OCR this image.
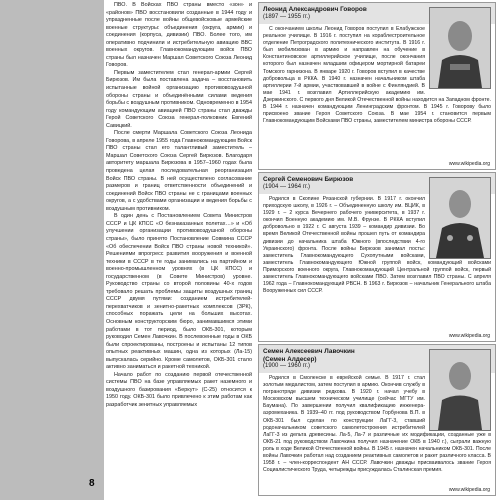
8

ПВО. В Войсках ПВО страны вместо «зон» и «районов» ПВО восстановили созданные в 1944 году и упраздненные после войны общевойсковые армейские военные структуры: объединения (округа, армии) и соединения (корпуса, дивизии) ПВО. Более того, им оперативно подчинили и истребительную авиацию ВВС военных округов. Главнокомандующим войск ПВО страны был назначен Маршал Советского Союза Леонид Говоров.

Первым заместителем стал генерал-армии Сергей Бирюзов. Им была поставлена задача – восстановить испытанные войной организацию противовоздушной обороны страны и объединёнными силами ведения борьбы с воздушным противником. Одновременно в 1954 году командующим авиацией ПВО страны стал дважды Герой Советского Союза генерал-полковник Евгений Савицкий.

После смерти Маршала Советского Союза Леонида Говорова, в апреле 1955 года Главнокомандующим Войск ПВО страны стал его талантливый заместитель – Маршал Советского Союза Сергей Бирюзов. Благодаря авторитету маршала Бирюзова в 1957–1960 годах была проведена целая последовательная реорганизация Войск ПВО страны. В ней осуществлено согласование размеров и границ ответственности объединений и соединений Войск ПВО страны не с границами военных округов, а с удобствами организации и ведения борьбы с воздушным противником.

В один день с Постановлением Совета Министров СССР и ЦК КПСС «О безнаказанных полетах…» и «Об улучшении организации противовоздушной обороны страны», было принято Постановление Совмина СССР «Об обеспечении Войск ПВО страны новой техникой». Решениями впрогресс развития вооружения и военной техники в СССР в те годы занимались на партийном и военно-промышленном уровнях (в ЦК КПСС) и государственном (в Совете Министров) уровне. Руководство страны со второй половины 40-х годов требовало решать проблемы защиты воздушных границ СССР двумя путями: созданием истребителей-перехватчиков и зенитно-ракетных комплексов (ЗРК), способных поражать цели на больших высотах. Основным конструкторским бюро, занимавшимся этими работами в тот период, было ОКБ-301, которым руководил Семен Лавочкин. В послевоенные годы в ОКБ были спроектированы, построены и испытаны 12 типов опытных реактивных машин, одна из которых (Ла-15) выпускалась серийно. Кроме самолетов, ОКБ-301 стало активно заниматься и ракетной техникой.

Начало работ по созданию первой отечественной системы ПВО на базе управляемых ракет наземного и воздушного базирования «Беркут» (С-25) относится к 1950 году. ОКБ-301 было привлечено к этим работам как разработчик зенитных управляемых

Леонид Александрович Говоров
(1897 — 1955 гг.)

С окончанием школы Леонид Говоров поступил в Елабужское реальное училище. В 1916 г. поступил на кораблестроительное отделение Петроградского политехнического института. В 1916 г. был мобилизован в армию и направлен на обучение в Константиновское артиллерийское училище, после окончания которого был назначен младшим офицером мортирной батареи Томского гарнизона. В январе 1920 г. Говоров вступил в качестве добровольца в РККА. В 1940 г. назначен начальником штаба артиллерии 7-й армии, участвовавшей в войне с Финляндией. В мае 1941 г. возглавил Артиллерийскую академию им. Дзержинского. С первого дня Великой Отечественной войны находится на Западном фронте. В 1944 г. назначен командующим Ленинградским фронтом. В 1945 г. Говорову было присвоено звание Героя Советского Союза. В мае 1954 г. становится первым Главнокомандующим Войсками ПВО страны, заместителем министра обороны СССР.

www.wikipedia.org
Сергей Семенович Бирюзов
(1904 — 1964 гг.)

Родился в Скопине Рязанской губернии. В 1917 г. окончил приходскую школу, в 1926 г. – Объединенную школу им. ВЦИК, в 1929 г. – 2 курса Вечернего рабочего университета, в 1937 г. окончил Военную академию им. М.В. Фрунзе. В РККА вступил добровольно в 1922 г. С августа 1939 – командир дивизии. Во время Великой Отечественной войны прошел путь от командира дивизии до начальника штаба Южного (впоследствии 4-го Украинского) фронта. После войны Бирюзов занимал посты: заместитель Главнокомандующего Сухопутными войсками, заместитель Главнокомандующего Южной группой войск, командующий войсками Приморского военного округа, Главнокомандующий Центральной группой войск, первый заместитель Главнокомандующего войсками ПВО. Затем возглавил ПВО страны. С апреля 1962 года – Главнокомандующий РВСН. В 1963 г. Бирюзов – начальник Генерального штаба Вооруженных сил СССР.

www.wikipedia.org
Семен Алексеевич Лавочкин
(Семен Алдесер)
(1900 — 1960 гг.)

Родился в Смоленске в еврейской семье. В 1917 г. стал золотым медалистом, затем поступил в армию. Окончив службу в погранотряде дивизии редкова. В 1920 г. начал учебу в Московском высшем техническом училище (сейчас МГТУ им. Баумана). По завершении получил квалификацию инженера-аэромеханика. В 1939–40 гг. под руководством Горбунова В.П. в ОКБ-301 был сделан по конструкции ЛаГГ-3, ставший родоначальником советского самолетостроения истребителей ЛаГГ-3 из дельта древесины. Ла-5, Ла-7 и различные их модификации, созданные уже в ОКБ-21 под руководством Лавочкина получил назначение ОКБ в 1940 г.), сыграли важную роль в ходе Великой Отечественной войны. В 1945 г. назначен начальником ОКБ-301. После войны Лавочкин работал над созданием реактивных самолетов и ракет различного класса. В 1958 г. – член-корреспондент АН СССР. Лавочкин дважды присваивалось звание Героя Социалистического Труда, четырежды присуждалась Сталинская премия.

www.wikipedia.org
